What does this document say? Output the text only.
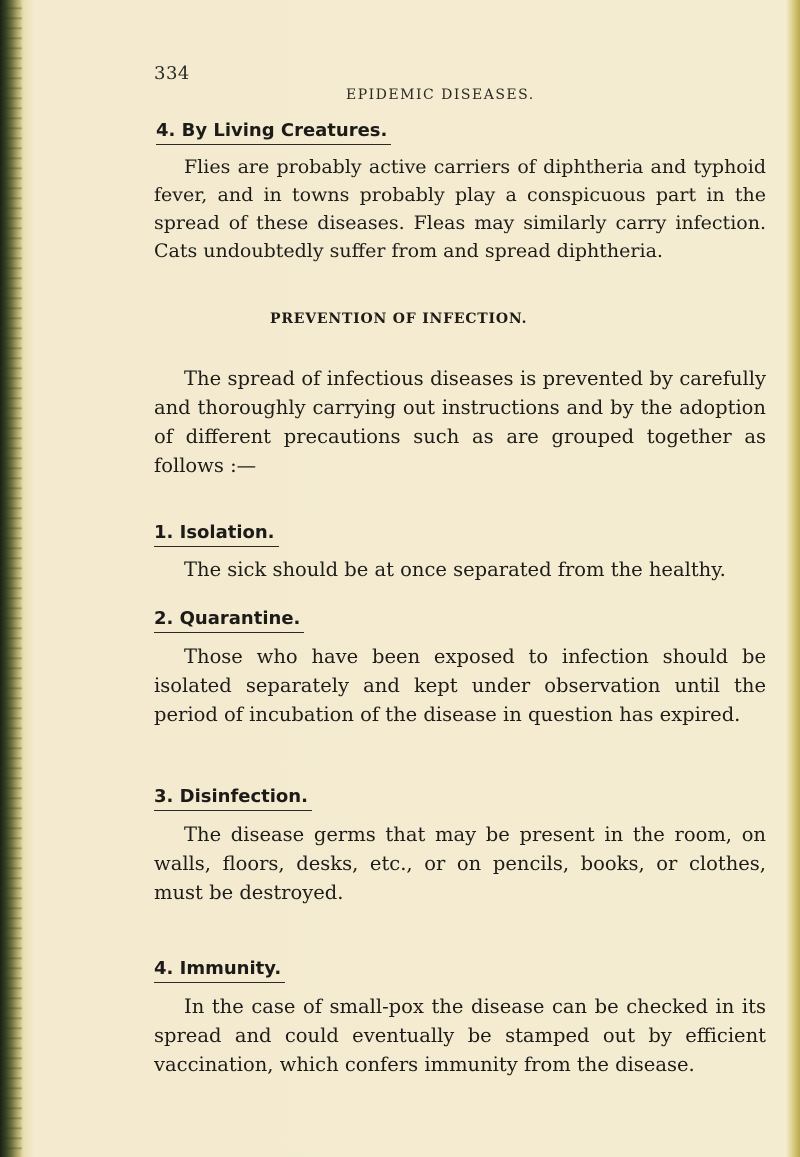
334
EPIDEMIC DISEASES.
4. By Living Creatures.
Flies are probably active carriers of diphtheria and typhoid fever, and in towns probably play a conspicuous part in the spread of these diseases. Fleas may similarly carry infection. Cats undoubtedly suffer from and spread diphtheria.
PREVENTION OF INFECTION.
The spread of infectious diseases is prevented by carefully and thoroughly carrying out instructions and by the adoption of different precautions such as are grouped together as follows :—
1. Isolation.
The sick should be at once separated from the healthy.
2. Quarantine.
Those who have been exposed to infection should be isolated separately and kept under observation until the period of incubation of the disease in question has expired.
3. Disinfection.
The disease germs that may be present in the room, on walls, floors, desks, etc., or on pencils, books, or clothes, must be destroyed.
4. Immunity.
In the case of small-pox the disease can be checked in its spread and could eventually be stamped out by efficient vaccination, which confers immunity from the disease.
